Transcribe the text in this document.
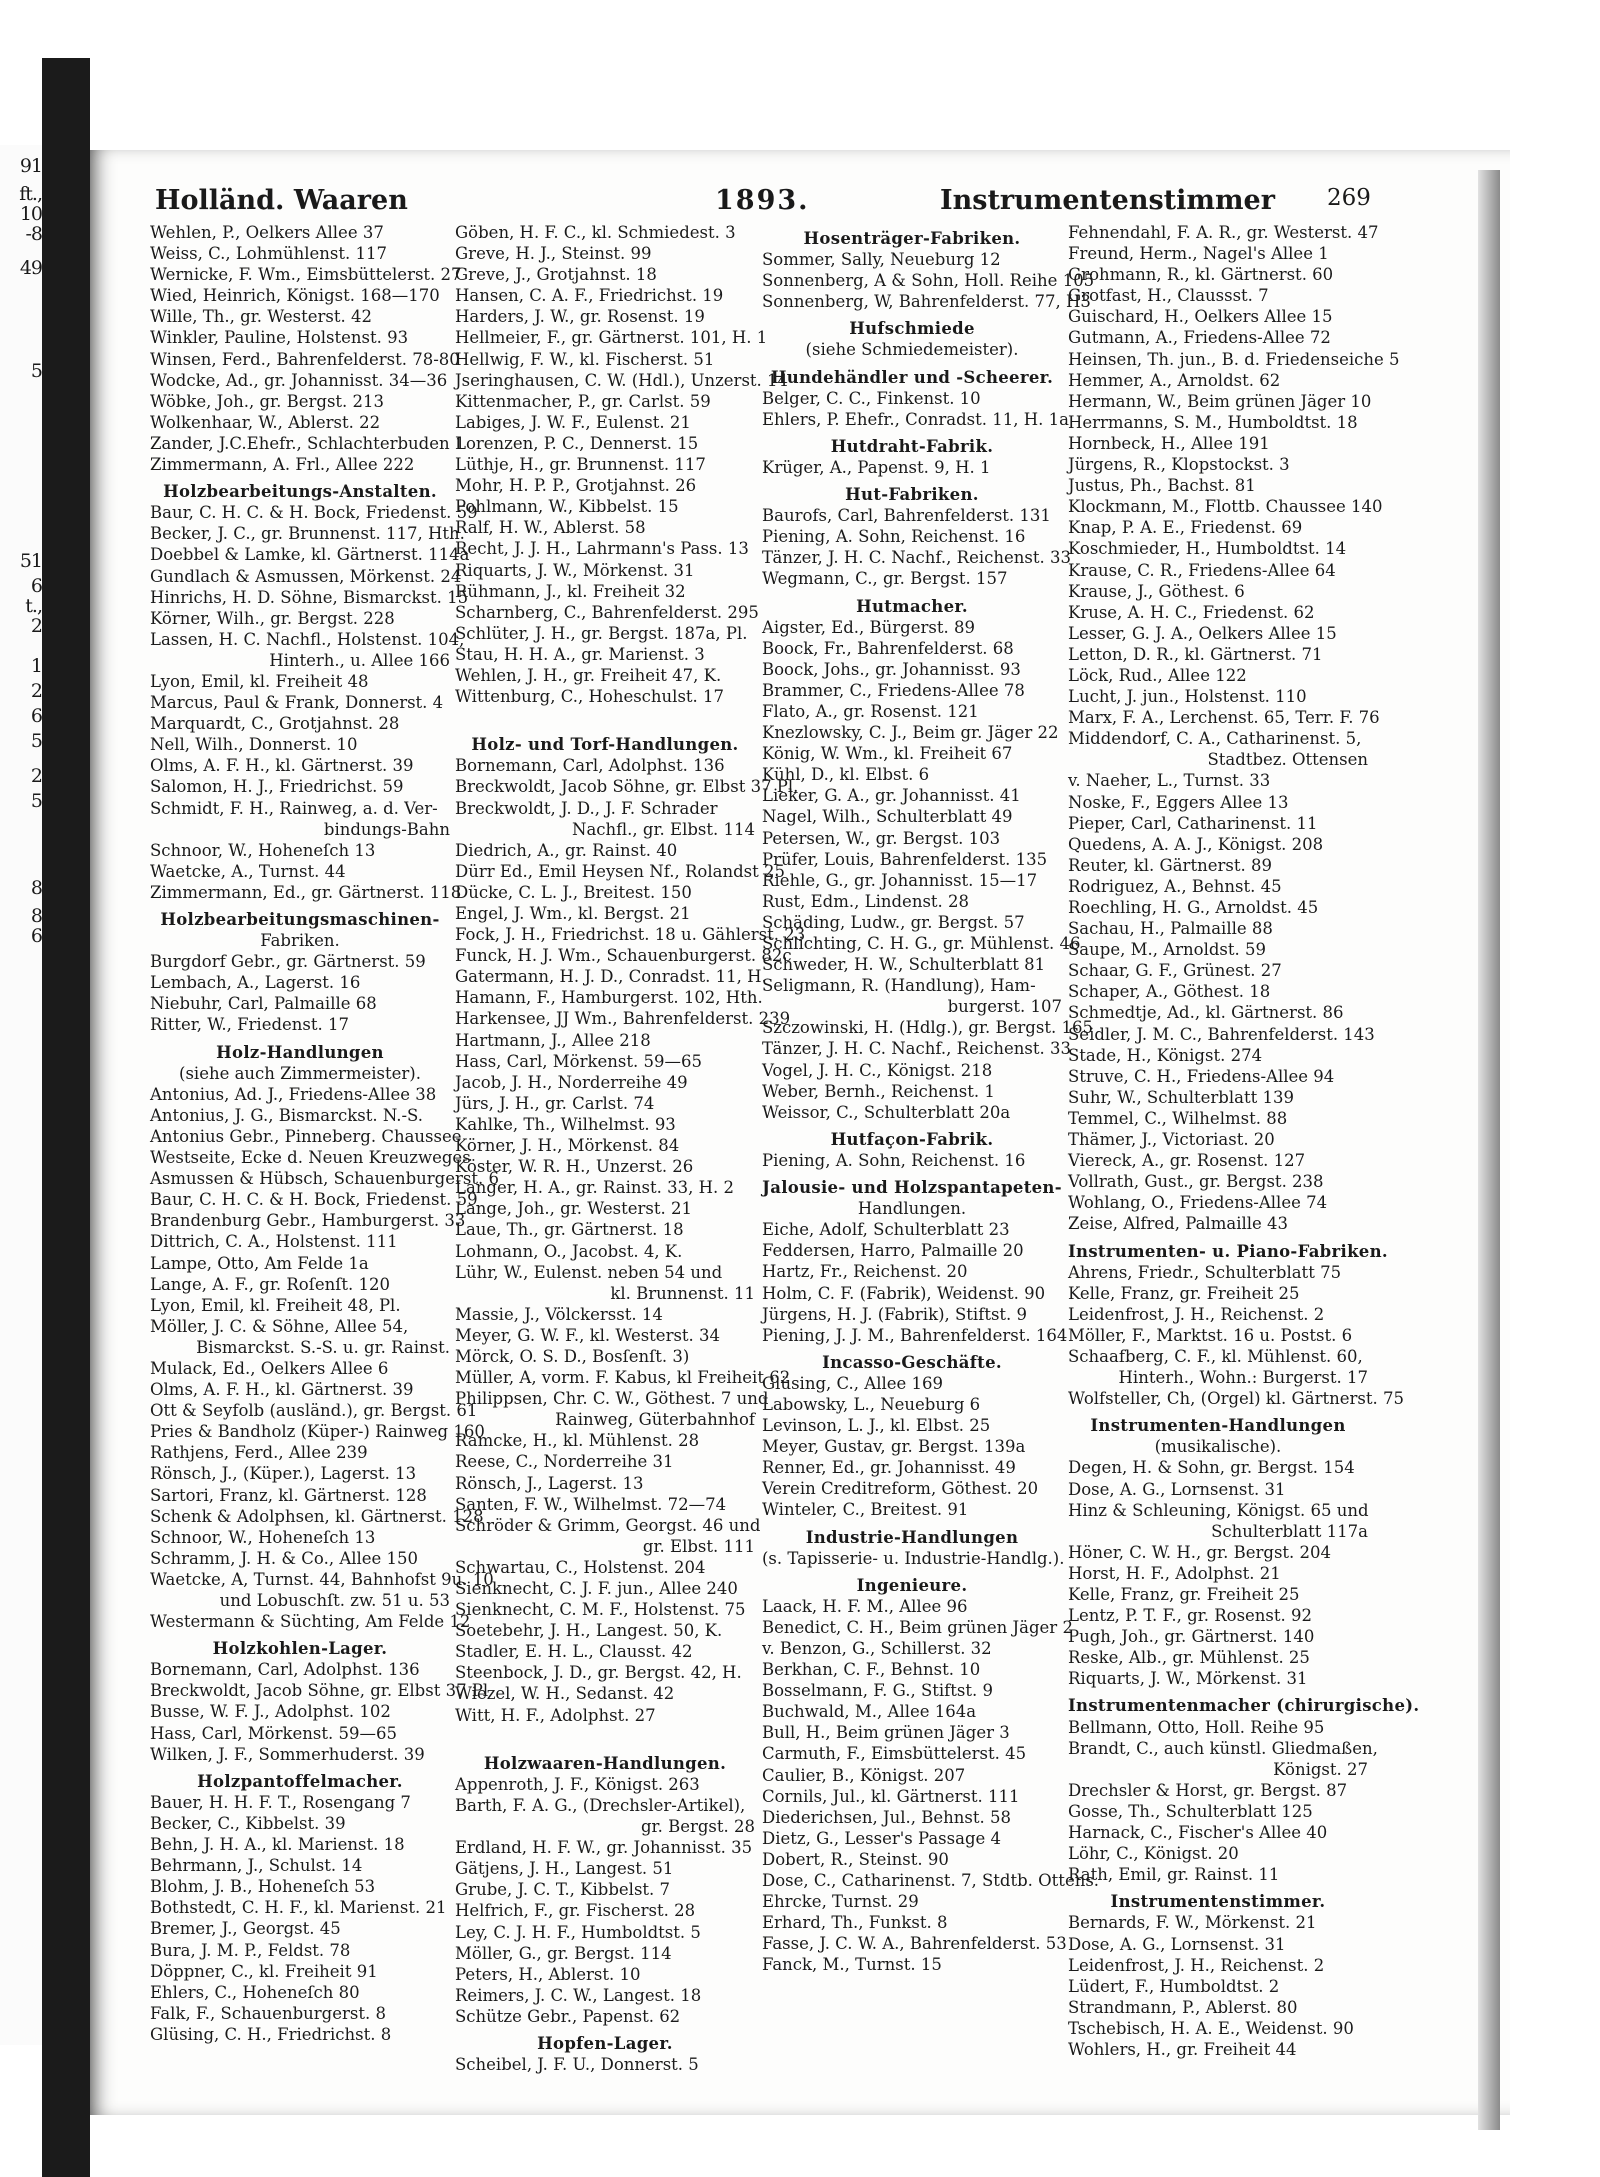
91
ft.,
10
-8
49
5
51
6
t.,
2
1
2
6
5
2
5
8
8
6
Holländ. Waaren	1893.	Instrumentenstimmer 269
Wehlen, P., Oelkers Allee 37
Weiss, C., Lohmühlenst. 117
Wernicke, F. Wm., Eimsbüttelerst. 27
Wied, Heinrich, Königst. 168—170
Wille, Th., gr. Westerst. 42
Winkler, Pauline, Holstenst. 93
Winsen, Ferd., Bahrenfelderst. 78-80
Wodcke, Ad., gr. Johannisst. 34—36
Wöbke, Joh., gr. Bergst. 213
Wolkenhaar, W., Ablerst. 22
Zander, J.C.Ehefr., Schlachterbuden 1
Zimmermann, A. Frl., Allee 222
Holzbearbeitungs-Anstalten.
Baur, C. H. C. & H. Bock, Friedenst. 59
Becker, J. C., gr. Brunnenst. 117, Hth.
Doebbel & Lamke, kl. Gärtnerst. 114a
Gundlach & Asmussen, Mörkenst. 24
Hinrichs, H. D. Söhne, Bismarckst. 15
Körner, Wilh., gr. Bergst. 228
Lassen, H. C. Nachfl., Holstenst. 104,
Hinterh., u. Allee 166
Lyon, Emil, kl. Freiheit 48
Marcus, Paul & Frank, Donnerst. 4
Marquardt, C., Grotjahnst. 28
Nell, Wilh., Donnerst. 10
Olms, A. F. H., kl. Gärtnerst. 39
Salomon, H. J., Friedrichst. 59
Schmidt, F. H., Rainweg, a. d. Ver-
bindungs-Bahn
Schnoor, W., Hoheneſch 13
Waetcke, A., Turnst. 44
Zimmermann, Ed., gr. Gärtnerst. 118
Holzbearbeitungsmaschinen-
Fabriken.
Burgdorf Gebr., gr. Gärtnerst. 59
Lembach, A., Lagerst. 16
Niebuhr, Carl, Palmaille 68
Ritter, W., Friedenst. 17
Holz-Handlungen
(siehe auch Zimmermeister).
Antonius, Ad. J., Friedens-Allee 38
Antonius, J. G., Bismarckst. N.-S.
Antonius Gebr., Pinneberg. Chaussee
Westseite, Ecke d. Neuen Kreuzweges
Asmussen & Hübsch, Schauenburgerst. 6
Baur, C. H. C. & H. Bock, Friedenst. 59
Brandenburg Gebr., Hamburgerst. 33
Dittrich, C. A., Holstenst. 111
Lampe, Otto, Am Felde 1a
Lange, A. F., gr. Roſenſt. 120
Lyon, Emil, kl. Freiheit 48, Pl.
Möller, J. C. & Söhne, Allee 54,
Bismarckst. S.-S. u. gr. Rainst.
Mulack, Ed., Oelkers Allee 6
Olms, A. F. H., kl. Gärtnerst. 39
Ott & Seyfolb (ausländ.), gr. Bergst. 61
Pries & Bandholz (Küper-) Rainweg 160
Rathjens, Ferd., Allee 239
Rönsch, J., (Küper.), Lagerst. 13
Sartori, Franz, kl. Gärtnerst. 128
Schenk & Adolphsen, kl. Gärtnerst. 128
Schnoor, W., Hoheneſch 13
Schramm, J. H. & Co., Allee 150
Waetcke, A, Turnst. 44, Bahnhofst 9u. 10
und Lobuschſt. zw. 51 u. 53
Westermann & Süchting, Am Felde 12
Holzkohlen-Lager.
Bornemann, Carl, Adolphst. 136
Breckwoldt, Jacob Söhne, gr. Elbst 37 Pl
Busse, W. F. J., Adolphst. 102
Hass, Carl, Mörkenst. 59—65
Wilken, J. F., Sommerhuderst. 39
Holzpantoffelmacher.
Bauer, H. H. F. T., Rosengang 7
Becker, C., Kibbelst. 39
Behn, J. H. A., kl. Marienst. 18
Behrmann, J., Schulst. 14
Blohm, J. B., Hoheneſch 53
Bothstedt, C. H. F., kl. Marienst. 21
Bremer, J., Georgst. 45
Bura, J. M. P., Feldst. 78
Döppner, C., kl. Freiheit 91
Ehlers, C., Hoheneſch 80
Falk, F., Schauenburgerst. 8
Glüsing, C. H., Friedrichst. 8
Göben, H. F. C., kl. Schmiedest. 3
Greve, H. J., Steinst. 99
Greve, J., Grotjahnst. 18
Hansen, C. A. F., Friedrichst. 19
Harders, J. W., gr. Rosenst. 19
Hellmeier, F., gr. Gärtnerst. 101, H. 1
Hellwig, F. W., kl. Fischerst. 51
Jseringhausen, C. W. (Hdl.), Unzerst. 14
Kittenmacher, P., gr. Carlst. 59
Labiges, J. W. F., Eulenst. 21
Lorenzen, P. C., Dennerst. 15
Lüthje, H., gr. Brunnenst. 117
Mohr, H. P. P., Grotjahnst. 26
Pohlmann, W., Kibbelst. 15
Ralf, H. W., Ablerst. 58
Recht, J. J. H., Lahrmann's Pass. 13
Riquarts, J. W., Mörkenst. 31
Rühmann, J., kl. Freiheit 32
Scharnberg, C., Bahrenfelderst. 295
Schlüter, J. H., gr. Bergst. 187a, Pl.
Stau, H. H. A., gr. Marienst. 3
Wehlen, J. H., gr. Freiheit 47, K.
Wittenburg, C., Hoheschulst. 17
Holz- und Torf-Handlungen.
Bornemann, Carl, Adolphst. 136
Breckwoldt, Jacob Söhne, gr. Elbst 37 Pl.
Breckwoldt, J. D., J. F. Schrader
Nachfl., gr. Elbst. 114
Diedrich, A., gr. Rainst. 40
Dürr Ed., Emil Heysen Nf., Rolandst 25
Dücke, C. L. J., Breitest. 150
Engel, J. Wm., kl. Bergst. 21
Fock, J. H., Friedrichst. 18 u. Gählerst. 23
Funck, H. J. Wm., Schauenburgerst. 82c
Gatermann, H. J. D., Conradst. 11, H.
Hamann, F., Hamburgerst. 102, Hth.
Harkensee, JJ Wm., Bahrenfelderst. 239
Hartmann, J., Allee 218
Hass, Carl, Mörkenst. 59—65
Jacob, J. H., Norderreihe 49
Jürs, J. H., gr. Carlst. 74
Kahlke, Th., Wilhelmst. 93
Körner, J. H., Mörkenst. 84
Köster, W. R. H., Unzerst. 26
Langer, H. A., gr. Rainst. 33, H. 2
Lange, Joh., gr. Westerst. 21
Laue, Th., gr. Gärtnerst. 18
Lohmann, O., Jacobst. 4, K.
Lühr, W., Eulenst. neben 54 und
kl. Brunnenst. 11
Massie, J., Völckersst. 14
Meyer, G. W. F., kl. Westerst. 34
Mörck, O. S. D., Bosſenſt. 3)
Müller, A, vorm. F. Kabus, kl Freiheit 62
Philippsen, Chr. C. W., Göthest. 7 und
Rainweg, Güterbahnhof
Ramcke, H., kl. Mühlenst. 28
Reese, C., Norderreihe 31
Rönsch, J., Lagerst. 13
Santen, F. W., Wilhelmst. 72—74
Schröder & Grimm, Georgst. 46 und
gr. Elbst. 111
Schwartau, C., Holstenst. 204
Sienknecht, C. J. F. jun., Allee 240
Sienknecht, C. M. F., Holstenst. 75
Soetebehr, J. H., Langest. 50, K.
Stadler, E. H. L., Clausst. 42
Steenbock, J. D., gr. Bergst. 42, H.
Wiezel, W. H., Sedanst. 42
Witt, H. F., Adolphst. 27
Holzwaaren-Handlungen.
Appenroth, J. F., Königst. 263
Barth, F. A. G., (Drechsler-Artikel),
gr. Bergst. 28
Erdland, H. F. W., gr. Johannisst. 35
Gätjens, J. H., Langest. 51
Grube, J. C. T., Kibbelst. 7
Helfrich, F., gr. Fischerst. 28
Ley, C. J. H. F., Humboldtst. 5
Möller, G., gr. Bergst. 114
Peters, H., Ablerst. 10
Reimers, J. C. W., Langest. 18
Schütze Gebr., Papenst. 62
Hopfen-Lager.
Scheibel, J. F. U., Donnerst. 5
Hosenträger-Fabriken.
Sommer, Sally, Neueburg 12
Sonnenberg, A & Sohn, Holl. Reihe 105
Sonnenberg, W, Bahrenfelderst. 77, H3
Hufschmiede
(siehe Schmiedemeister).
Hundehändler und -Scheerer.
Belger, C. C., Finkenst. 10
Ehlers, P. Ehefr., Conradst. 11, H. 1a
Hutdraht-Fabrik.
Krüger, A., Papenst. 9, H. 1
Hut-Fabriken.
Baurofs, Carl, Bahrenfelderst. 131
Piening, A. Sohn, Reichenst. 16
Tänzer, J. H. C. Nachf., Reichenst. 33
Wegmann, C., gr. Bergst. 157
Hutmacher.
Aigster, Ed., Bürgerst. 89
Boock, Fr., Bahrenfelderst. 68
Boock, Johs., gr. Johannisst. 93
Brammer, C., Friedens-Allee 78
Flato, A., gr. Rosenst. 121
Knezlowsky, C. J., Beim gr. Jäger 22
König, W. Wm., kl. Freiheit 67
Kühl, D., kl. Elbst. 6
Lieker, G. A., gr. Johannisst. 41
Nagel, Wilh., Schulterblatt 49
Petersen, W., gr. Bergst. 103
Prüfer, Louis, Bahrenfelderst. 135
Riehle, G., gr. Johannisst. 15—17
Rust, Edm., Lindenst. 28
Schäding, Ludw., gr. Bergst. 57
Schlichting, C. H. G., gr. Mühlenst. 46
Schweder, H. W., Schulterblatt 81
Seligmann, R. (Handlung), Ham-
burgerst. 107
Szczowinski, H. (Hdlg.), gr. Bergst. 165
Tänzer, J. H. C. Nachf., Reichenst. 33
Vogel, J. H. C., Königst. 218
Weber, Bernh., Reichenst. 1
Weissor, C., Schulterblatt 20a
Hutfaçon-Fabrik.
Piening, A. Sohn, Reichenst. 16
Jalousie- und Holzspantapeten-
Handlungen.
Eiche, Adolf, Schulterblatt 23
Feddersen, Harro, Palmaille 20
Hartz, Fr., Reichenst. 20
Holm, C. F. (Fabrik), Weidenst. 90
Jürgens, H. J. (Fabrik), Stiftst. 9
Piening, J. J. M., Bahrenfelderst. 164
Incasso-Geschäfte.
Glüsing, C., Allee 169
Labowsky, L., Neueburg 6
Levinson, L. J., kl. Elbst. 25
Meyer, Gustav, gr. Bergst. 139a
Renner, Ed., gr. Johannisst. 49
Verein Creditreform, Göthest. 20
Winteler, C., Breitest. 91
Industrie-Handlungen
(s. Tapisserie- u. Industrie-Handlg.).
Ingenieure.
Laack, H. F. M., Allee 96
Benedict, C. H., Beim grünen Jäger 2
v. Benzon, G., Schillerst. 32
Berkhan, C. F., Behnst. 10
Bosselmann, F. G., Stiftst. 9
Buchwald, M., Allee 164a
Bull, H., Beim grünen Jäger 3
Carmuth, F., Eimsbüttelerst. 45
Caulier, B., Königst. 207
Cornils, Jul., kl. Gärtnerst. 111
Diederichsen, Jul., Behnst. 58
Dietz, G., Lesser's Passage 4
Dobert, R., Steinst. 90
Dose, C., Catharinenst. 7, Stdtb. Ottens.
Ehrcke, Turnst. 29
Erhard, Th., Funkst. 8
Fasse, J. C. W. A., Bahrenfelderst. 53
Fanck, M., Turnst. 15
Fehnendahl, F. A. R., gr. Westerst. 47
Freund, Herm., Nagel's Allee 1
Grohmann, R., kl. Gärtnerst. 60
Grotfast, H., Claussst. 7
Guischard, H., Oelkers Allee 15
Gutmann, A., Friedens-Allee 72
Heinsen, Th. jun., B. d. Friedenseiche 5
Hemmer, A., Arnoldst. 62
Hermann, W., Beim grünen Jäger 10
Herrmanns, S. M., Humboldtst. 18
Hornbeck, H., Allee 191
Jürgens, R., Klopstockst. 3
Justus, Ph., Bachst. 81
Klockmann, M., Flottb. Chaussee 140
Knap, P. A. E., Friedenst. 69
Koschmieder, H., Humboldtst. 14
Krause, C. R., Friedens-Allee 64
Krause, J., Göthest. 6
Kruse, A. H. C., Friedenst. 62
Lesser, G. J. A., Oelkers Allee 15
Letton, D. R., kl. Gärtnerst. 71
Löck, Rud., Allee 122
Lucht, J. jun., Holstenst. 110
Marx, F. A., Lerchenst. 65, Terr. F. 76
Middendorf, C. A., Catharinenst. 5,
Stadtbez. Ottensen
v. Naeher, L., Turnst. 33
Noske, F., Eggers Allee 13
Pieper, Carl, Catharinenst. 11
Quedens, A. A. J., Königst. 208
Reuter, kl. Gärtnerst. 89
Rodriguez, A., Behnst. 45
Roechling, H. G., Arnoldst. 45
Sachau, H., Palmaille 88
Saupe, M., Arnoldst. 59
Schaar, G. F., Grünest. 27
Schaper, A., Göthest. 18
Schmedtje, Ad., kl. Gärtnerst. 86
Seidler, J. M. C., Bahrenfelderst. 143
Stade, H., Königst. 274
Struve, C. H., Friedens-Allee 94
Suhr, W., Schulterblatt 139
Temmel, C., Wilhelmst. 88
Thämer, J., Victoriast. 20
Viereck, A., gr. Rosenst. 127
Vollrath, Gust., gr. Bergst. 238
Wohlang, O., Friedens-Allee 74
Zeise, Alfred, Palmaille 43
Instrumenten- u. Piano-Fabriken.
Ahrens, Friedr., Schulterblatt 75
Kelle, Franz, gr. Freiheit 25
Leidenfrost, J. H., Reichenst. 2
Möller, F., Marktst. 16 u. Postst. 6
Schaafberg, C. F., kl. Mühlenst. 60,
Hinterh., Wohn.: Burgerst. 17
Wolfsteller, Ch, (Orgel) kl. Gärtnerst. 75
Instrumenten-Handlungen
(musikalische).
Degen, H. & Sohn, gr. Bergst. 154
Dose, A. G., Lornsenst. 31
Hinz & Schleuning, Königst. 65 und
Schulterblatt 117a
Höner, C. W. H., gr. Bergst. 204
Horst, H. F., Adolphst. 21
Kelle, Franz, gr. Freiheit 25
Lentz, P. T. F., gr. Rosenst. 92
Pugh, Joh., gr. Gärtnerst. 140
Reske, Alb., gr. Mühlenst. 25
Riquarts, J. W., Mörkenst. 31
Instrumentenmacher (chirurgische).
Bellmann, Otto, Holl. Reihe 95
Brandt, C., auch künstl. Gliedmaßen,
Königst. 27
Drechsler & Horst, gr. Bergst. 87
Gosse, Th., Schulterblatt 125
Harnack, C., Fischer's Allee 40
Löhr, C., Königst. 20
Rath, Emil, gr. Rainst. 11
Instrumentenstimmer.
Bernards, F. W., Mörkenst. 21
Dose, A. G., Lornsenst. 31
Leidenfrost, J. H., Reichenst. 2
Lüdert, F., Humboldtst. 2
Strandmann, P., Ablerst. 80
Tschebisch, H. A. E., Weidenst. 90
Wohlers, H., gr. Freiheit 44
